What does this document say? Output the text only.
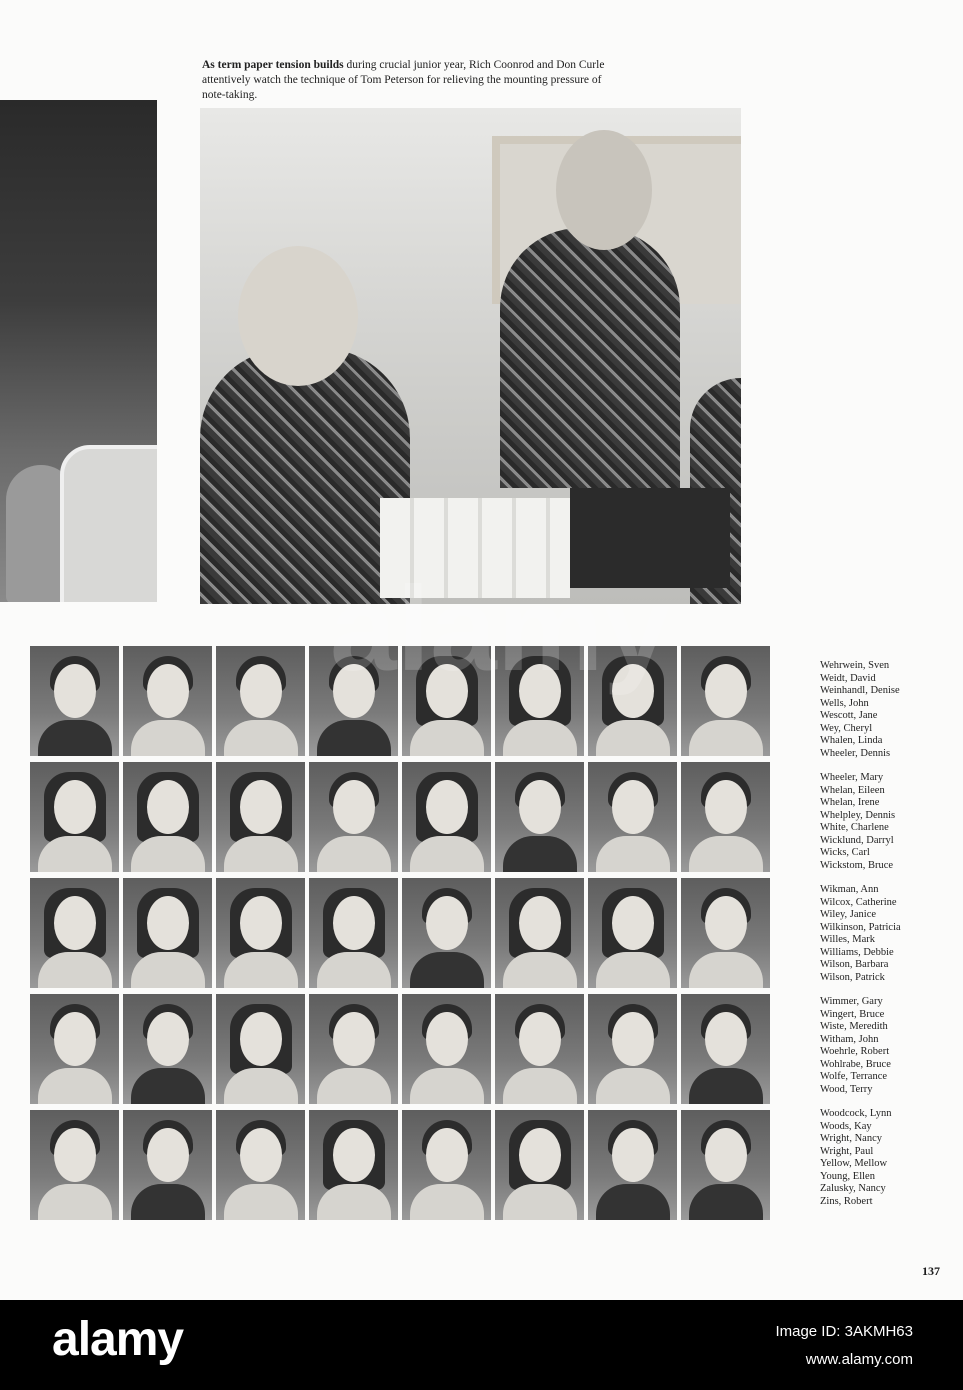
As term paper tension builds during crucial junior year, Rich Coonrod and Don Curle attentively watch the technique of Tom Peterson for relieving the mounting pressure of note-taking.

Wehrwein, Sven
Weidt, David
Weinhandl, Denise
Wells, John
Wescott, Jane
Wey, Cheryl
Whalen, Linda
Wheeler, Dennis
Wheeler, Mary
Whelan, Eileen
Whelan, Irene
Whelpley, Dennis
White, Charlene
Wicklund, Darryl
Wicks, Carl
Wickstom, Bruce
Wikman, Ann
Wilcox, Catherine
Wiley, Janice
Wilkinson, Patricia
Willes, Mark
Williams, Debbie
Wilson, Barbara
Wilson, Patrick
Wimmer, Gary
Wingert, Bruce
Wiste, Meredith
Witham, John
Woehrle, Robert
Wohlrabe, Bruce
Wolfe, Terrance
Wood, Terry
Woodcock, Lynn
Woods, Kay
Wright, Nancy
Wright, Paul
Yellow, Mellow
Young, Ellen
Zalusky, Nancy
Zins, Robert
137
alamy	Image ID: 3AKMH63
www.alamy.com
